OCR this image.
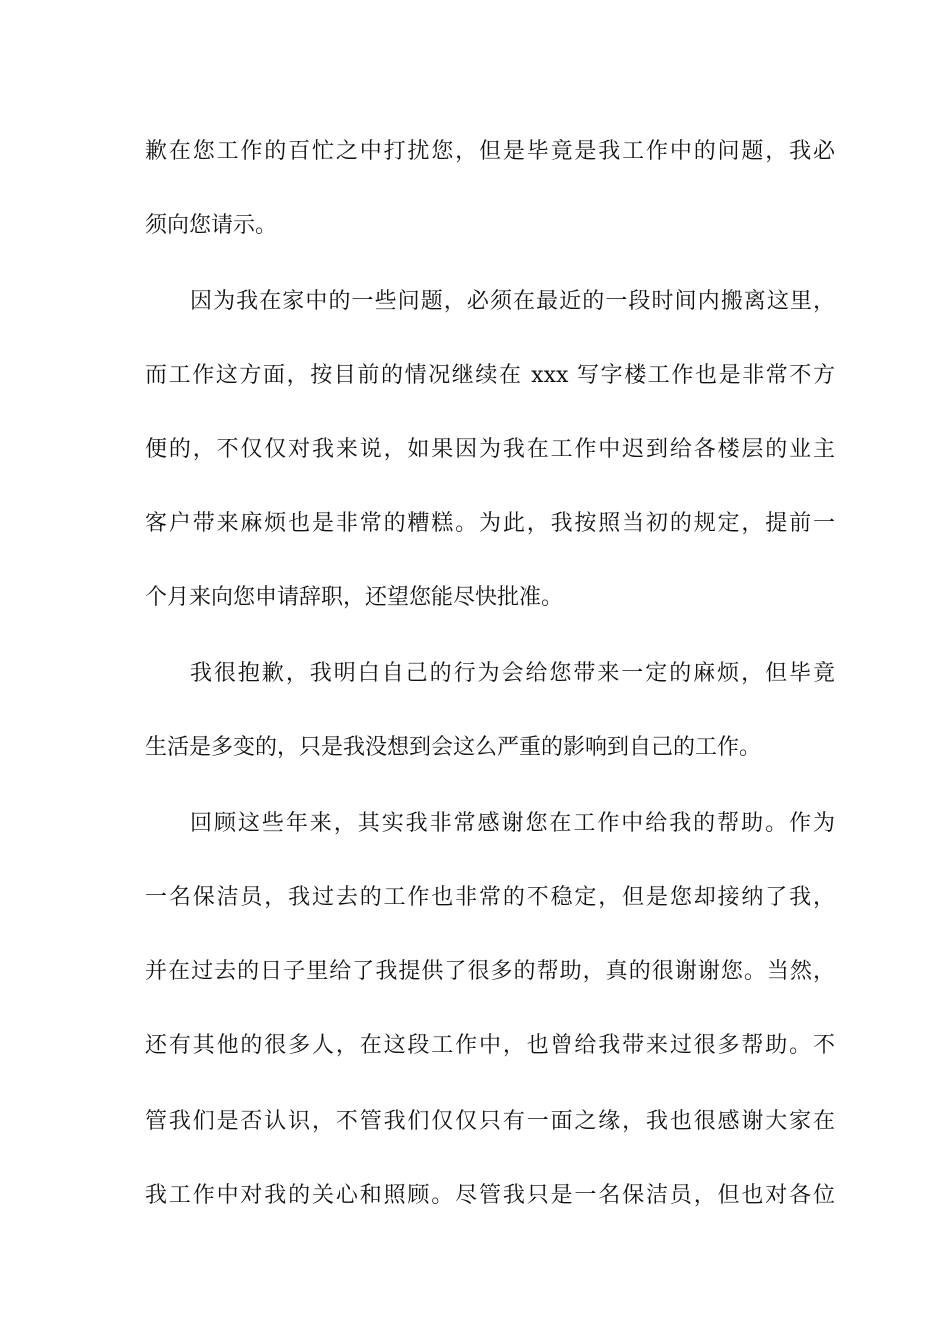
歉在您工作的百忙之中打扰您，但是毕竟是我工作中的问题，我必
须向您请示。
因为我在家中的一些问题，必须在最近的一段时间内搬离这里，
而工作这方面，按目前的情况继续在 xxx 写字楼工作也是非常不方
便的，不仅仅对我来说，如果因为我在工作中迟到给各楼层的业主
客户带来麻烦也是非常的糟糕。为此，我按照当初的规定，提前一
个月来向您申请辞职，还望您能尽快批准。
我很抱歉，我明白自己的行为会给您带来一定的麻烦，但毕竟
生活是多变的，只是我没想到会这么严重的影响到自己的工作。
回顾这些年来，其实我非常感谢您在工作中给我的帮助。作为
一名保洁员，我过去的工作也非常的不稳定，但是您却接纳了我，
并在过去的日子里给了我提供了很多的帮助，真的很谢谢您。当然，
还有其他的很多人，在这段工作中，也曾给我带来过很多帮助。不
管我们是否认识，不管我们仅仅只有一面之缘，我也很感谢大家在
我工作中对我的关心和照顾。尽管我只是一名保洁员，但也对各位
